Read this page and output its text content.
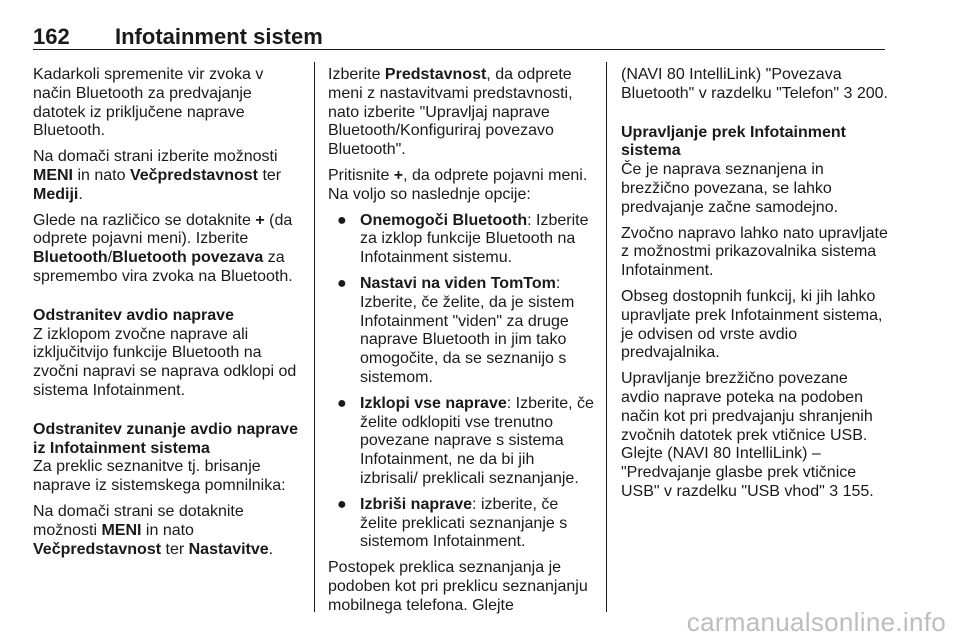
162 Infotainment sistem

Kadarkoli spremenite vir zvoka v način Bluetooth za predvajanje datotek iz priključene naprave Bluetooth.

Na domači strani izberite možnosti MENI in nato Večpredstavnost ter Mediji.

Glede na različico se dotaknite + (da odprete pojavni meni). Izberite Bluetooth/Bluetooth povezava za spremembo vira zvoka na Bluetooth.

Odstranitev avdio naprave

Z izklopom zvočne naprave ali izključitvijo funkcije Bluetooth na zvočni napravi se naprava odklopi od sistema Infotainment.

Odstranitev zunanje avdio naprave iz Infotainment sistema

Za preklic seznanitve tj. brisanje naprave iz sistemskega pomnilnika:

Na domači strani se dotaknite možnosti MENI in nato Večpredstavnost ter Nastavitve.

Izberite Predstavnost, da odprete meni z nastavitvami predstavnosti, nato izberite "Upravljaj naprave Bluetooth/Konfiguriraj povezavo Bluetooth".

Pritisnite +, da odprete pojavni meni. Na voljo so naslednje opcije:

● Onemogoči Bluetooth: Izberite za izklop funkcije Bluetooth na Infotainment sistemu.
● Nastavi na viden TomTom: Izberite, če želite, da je sistem Infotainment "viden" za druge naprave Bluetooth in jim tako omogočite, da se seznanijo s sistemom.
● Izklopi vse naprave: Izberite, če želite odklopiti vse trenutno povezane naprave s sistema Infotainment, ne da bi jih izbrisali/ preklicali seznanjanje.
● Izbriši naprave: izberite, če želite preklicati seznanjanje s sistemom Infotainment.

Postopek preklica seznanjanja je podoben kot pri preklicu seznanjanju mobilnega telefona. Glejte

(NAVI 80 IntelliLink) "Povezava Bluetooth" v razdelku "Telefon" 3 200.

Upravljanje prek Infotainment sistema

Če je naprava seznanjena in brezžično povezana, se lahko predvajanje začne samodejno.

Zvočno napravo lahko nato upravljate z možnostmi prikazovalnika sistema Infotainment.

Obseg dostopnih funkcij, ki jih lahko upravljate prek Infotainment sistema, je odvisen od vrste avdio predvajalnika.

Upravljanje brezžično povezane avdio naprave poteka na podoben način kot pri predvajanju shranjenih zvočnih datotek prek vtičnice USB. Glejte (NAVI 80 IntelliLink) – "Predvajanje glasbe prek vtičnice USB" v razdelku "USB vhod" 3 155.

carmanualsonline.info
